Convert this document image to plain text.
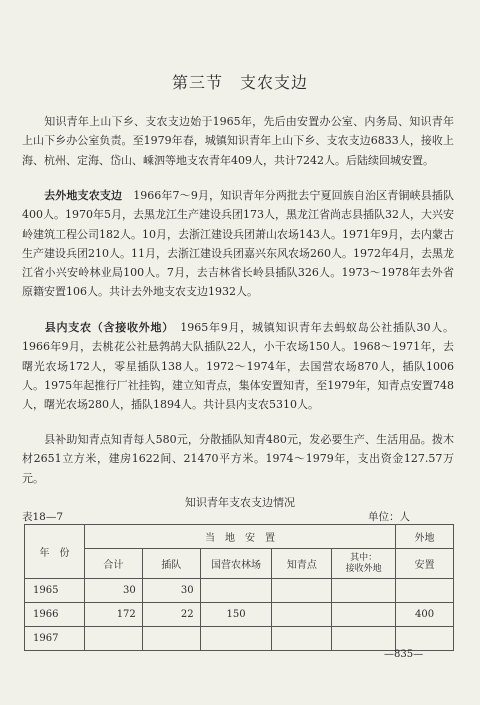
第三节　支农支边

知识青年上山下乡、支农支边始于1965年，先后由安置办公室、内务局、知识青年上山下乡办公室负责。至1979年春，城镇知识青年上山下乡、支农支边6833人，接收上海、杭州、定海、岱山、嵊泗等地支农青年409人，共计7242人。后陆续回城安置。

去外地支农支边　 1966年7～9月，知识青年分两批去宁夏回族自治区青铜峡县插队400人。1970年5月，去黑龙江生产建设兵团173人，黑龙江省尚志县插队32人，大兴安岭建筑工程公司182人。10月，去浙江建设兵团萧山农场143人。1971年9月，去内蒙古生产建设兵团210人。11月，去浙江建设兵团嘉兴东风农场260人。1972年4月，去黑龙江省小兴安岭林业局100人。7月，去吉林省长岭县插队326人。1973～1978年去外省原籍安置106人。共计去外地支农支边1932人。

县内支农（含接收外地）　 1965年9月，城镇知识青年去蚂蚁岛公社插队30人。1966年9月，去桃花公社悬鹁鸪大队插队22人，小干农场150人。1968～1971年，去曙光农场172人，零星插队138人。1972～1974年，去国营农场870人，插队1006人。1975年起推行厂社挂钩，建立知青点，集体安置知青，至1979年，知青点安置748人，曙光农场280人，插队1894人。共计县内支农5310人。

县补助知青点知青每人580元，分散插队知青480元，发必要生产、生活用品。拨木材2651立方米，建房1622间、21470平方米。1974～1979年，支出资金127.57万元。

知识青年支农支边情况
表18—7	单位：人
年　份	当　地　安　置					外地
	合计	插队	国营农林场	知青点	其中：
接收外地	安置
1965	30	30				
1966	172	22	150			400
1967						
—835—
